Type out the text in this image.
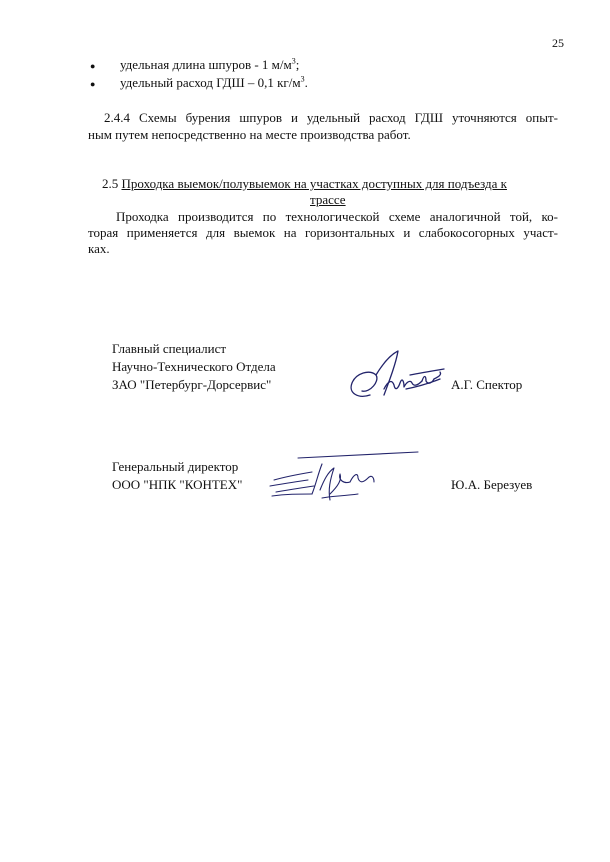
25
● удельная длина шпуров - 1 $м/м^3$;
● удельный расход ГДШ – 0,1 $кг/м^3$.
2.4.4 Схемы бурения шпуров и удельный расход ГДШ уточняются опыт-
ным путем непосредственно на месте производства работ.
2.5 Проходка выемок/полувыемок на участках доступных для подъезда к
трассе
Проходка производится по технологической схеме аналогичной той, ко-
торая применяется для выемок на горизонтальных и слабокосогорных участ-
ках.
Главный специалист
Научно-Технического Отдела
ЗАО "Петербург-Дорсервис"	А.Г. Спектор
Генеральный директор
ООО "НПК "КОНТЕХ"	Ю.А. Березуев
